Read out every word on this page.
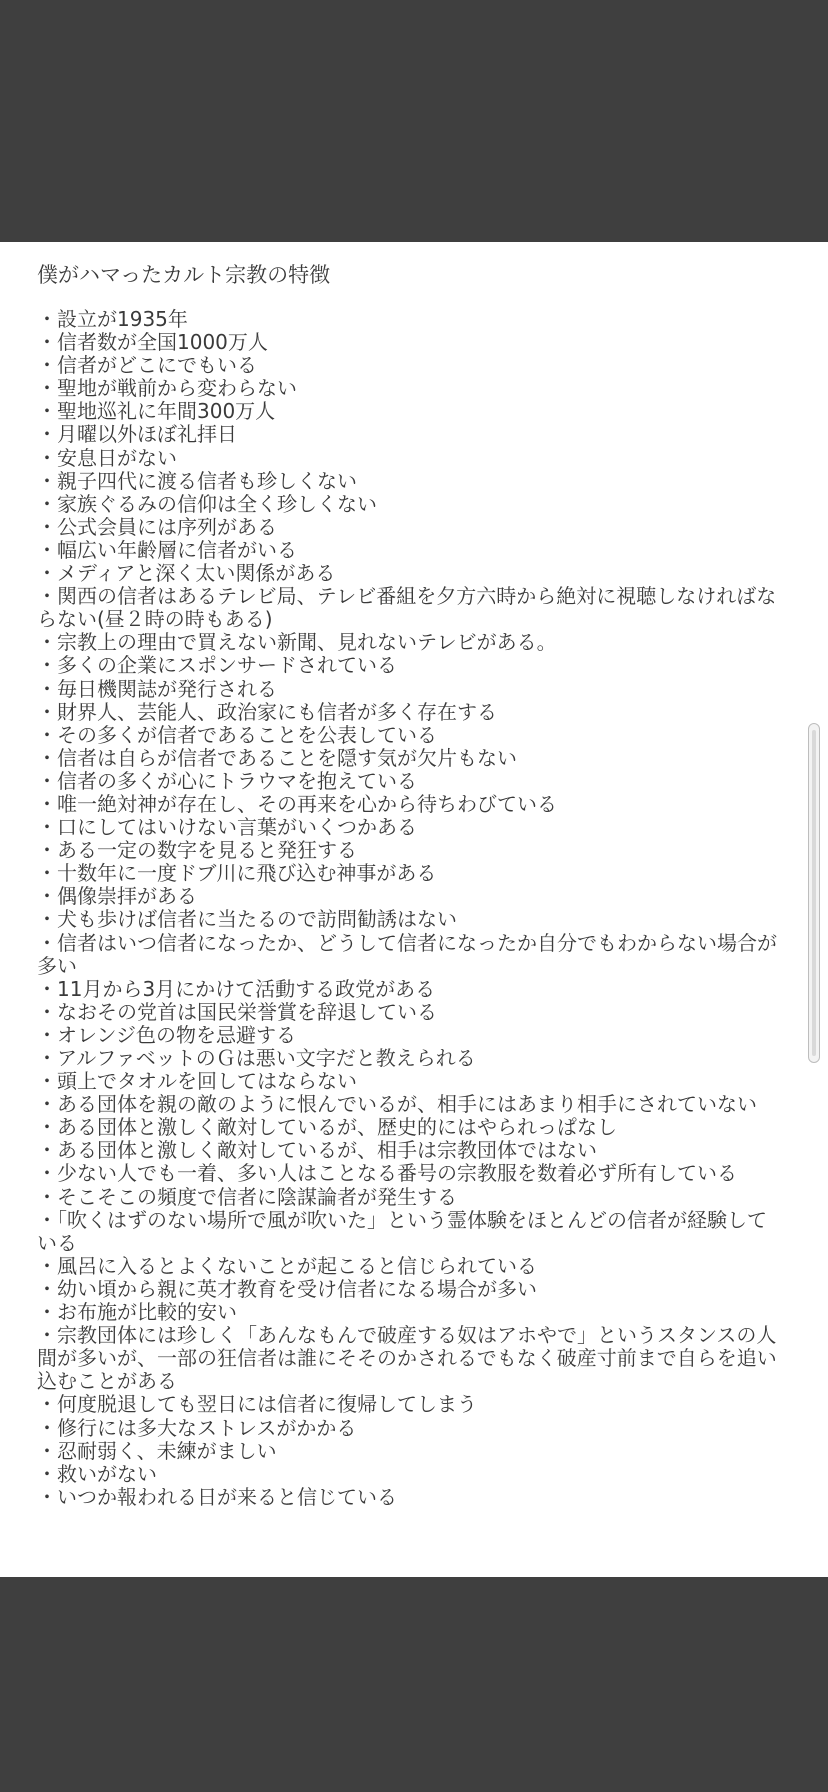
僕がハマったカルト宗教の特徴
・設立が1935年
・信者数が全国1000万人
・信者がどこにでもいる
・聖地が戦前から変わらない
・聖地巡礼に年間300万人
・月曜以外ほぼ礼拝日
・安息日がない
・親子四代に渡る信者も珍しくない
・家族ぐるみの信仰は全く珍しくない
・公式会員には序列がある
・幅広い年齢層に信者がいる
・メディアと深く太い関係がある
・関西の信者はあるテレビ局、テレビ番組を夕方六時から絶対に視聴しなければならない(昼２時の時もある)
・宗教上の理由で買えない新聞、見れないテレビがある。
・多くの企業にスポンサードされている
・毎日機関誌が発行される
・財界人、芸能人、政治家にも信者が多く存在する
・その多くが信者であることを公表している
・信者は自らが信者であることを隠す気が欠片もない
・信者の多くが心にトラウマを抱えている
・唯一絶対神が存在し、その再来を心から待ちわびている
・口にしてはいけない言葉がいくつかある
・ある一定の数字を見ると発狂する
・十数年に一度ドブ川に飛び込む神事がある
・偶像崇拝がある
・犬も歩けば信者に当たるので訪問勧誘はない
・信者はいつ信者になったか、どうして信者になったか自分でもわからない場合が多い
・11月から3月にかけて活動する政党がある
・なおその党首は国民栄誉賞を辞退している
・オレンジ色の物を忌避する
・アルファベットのＧは悪い文字だと教えられる
・頭上でタオルを回してはならない
・ある団体を親の敵のように恨んでいるが、相手にはあまり相手にされていない
・ある団体と激しく敵対しているが、歴史的にはやられっぱなし
・ある団体と激しく敵対しているが、相手は宗教団体ではない
・少ない人でも一着、多い人はことなる番号の宗教服を数着必ず所有している
・そこそこの頻度で信者に陰謀論者が発生する
・「吹くはずのない場所で風が吹いた」という霊体験をほとんどの信者が経験している
・風呂に入るとよくないことが起こると信じられている
・幼い頃から親に英才教育を受け信者になる場合が多い
・お布施が比較的安い
・宗教団体には珍しく「あんなもんで破産する奴はアホやで」というスタンスの人間が多いが、一部の狂信者は誰にそそのかされるでもなく破産寸前まで自らを追い込むことがある
・何度脱退しても翌日には信者に復帰してしまう
・修行には多大なストレスがかかる
・忍耐弱く、未練がましい
・救いがない
・いつか報われる日が来ると信じている
